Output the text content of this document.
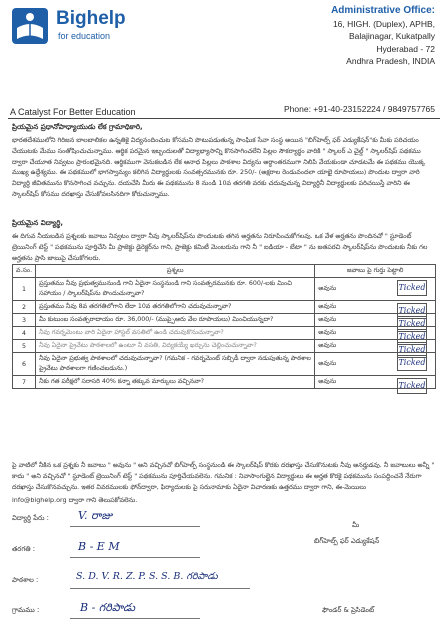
Bighelp
for education
A Catalyst For Better Education
Administrative Office:
16, HIGH. (Duplex), APHB,
Balajinagar, Kukatpally
Hyderabad - 72
Andhra Pradesh, INDIA
Phone: +91-40-23152224 / 9849757765
ప్రియమైన ప్రధానోపాధ్యాయుడు లేక గ్రామాధికారి,
భారతదేశములోని గిరిజన బాలబాలికల ఉన్నతికై విద్యనందించుట కోసమని పొటుపడుతున్న సాంఘిక సేవా సంస్థ అయిన "బిగ్‌హెల్ప్ ఫర్ ఎడ్యుకేషన్"కు మీకు పరిచయం చేయుటకు మేము సంతోషించుచున్నాము. ఆర్థిక పరమైన ఇబ్బందులతో విద్యాభ్యాసాన్ని కొనసాగించలేని పిల్లల సౌకర్యార్థం వారికి " స్కాలర్ ఎ చైల్డ్ " స్కాలర్‌షిప్ పథకము ద్వారా చేయూత నివ్వటం ప్రారంభమైనది. ఆర్థికముగా వెనుకబడిన లేక ఆనాధ పిల్లలు పాఠశాల విద్యను అర్ధాంతరముగా నిలిపి వేయకుండా చూడటమే ఈ పథకము యొక్క ముఖ్య ఉద్దేశ్యము. ఈ పథకములో భాగస్వామ్యం కలిగిన విద్యార్థులకు సంవత్సరమునకు రూ. 250/- (అక్షరాల రెండువందలా యాభై రూపాయలు) పొందుట ద్వారా వారి విద్యార్థి జీవితమును కొనసాగించ వచ్చును. దయచేసి మీరు ఈ పథకమును 8 నుండి 10వ తరగతి వరకు చదువుచున్న విద్యార్థినీ విద్యార్థులకు పరిచయిస్తే వారిని ఈ స్కాలర్‌షిప్ కోసము దరఖాస్తు చేసుకోవలసినదిగా కోరుచున్నాము.
ప్రియమైన విద్యార్థి,
ఈ దిగువ నీయబడిన ప్రశ్నలకు జవాబు నివ్వటం ద్వారా నీవు స్కాలర్‌షిప్‌ను పొందుటకు తగిన అర్హతను నిరూపించుకోగలవు. ఒక వేళ అర్హతను పొందినచో " స్టూడెంట్ ట్రెయినింగ్ టెస్ట్ " పథకమును పూర్తిచేసి మీ ప్రాజెక్టు డైరెక్టర్‌ను గాని, ప్రాజెక్టు కమిటీ మెంబరును గాని నీ " ఐడియా - బేటా " ను జతపరచి స్కాలర్‌షిప్‌ను పొందుటకు నీకు గల అర్హతను ప్రాసి జాబుపై చేసుకోగలరు.
వ.సం.	ప్రశ్నలు	జవాబు పై గుర్తు పెట్టాలి
1	ప్రస్తుతము నీవు ప్రభుత్వమునుండి గాని ఏదైనా సంస్థనుండి గాని సంవత్సరమునకు రూ. 600/-లకు మించి సహాయం / స్కాలర్‌షిప్‌ను పొందుచున్నావా?	అవును Ticked

2	ప్రస్తుతము నీవు 8వ తరగతిలోగాని లేదా 10వ తరగతిలోగాని చదువుచున్నావా?	అవును Ticked

3	మీ కుటుంబ సంవత్సరాదాయం రూ. 36,000/- (ముప్పైఆరు వేల రూపాయలు) మించియున్నదా?	అవును Ticked

4	నీవు గవర్నమెంటు వారి ఏదైనా హాస్టల్‌ వసతిలో ఉండి చదువుకొనుచున్నావా?	అవును Ticked

5	నీవు ఏదైనా ప్రైవేటు పాఠశాలలో ఉంటూ నీ వసతి, విద్యకయ్యే ఖర్చును చెల్లించుచున్నావా?	అవును Ticked

6	నీవు ఏదైనా ప్రభుత్వ పాఠశాలలో చదువుచున్నావా? (గమనిక - గవర్నమెంట్ సబ్సిడీ ద్వారా నడుపుతున్న పాఠశాల ప్రైవేటు పాఠశాలగా గణించబడును.)	అవును Ticked

7	నీకు గత పరీక్షలో సరాసరి 40% కన్నా తక్కువ మార్కులు వచ్చినవా?	అవును Ticked
పై వాటిలో నీకిన ఒక ప్రశ్నకు నీ జవాబు " అవును " అని వచ్చినచో బిగ్‌హెల్ప్ సంస్థనుండి ఈ స్కాలర్‌షిప్ కొరకు దరఖాస్తు చేసుకొనుటకు నీవు అనర్హుడవు. నీ జవాబులు అన్నీ " కాదు " అని వచ్చినచో " స్టూడెంట్ ట్రెయినింగ్ టెస్ట్ " పథకమును పూర్తిచేయవలెను. గమనిక : నివాసాంగుల్లైన విద్యార్థులు ఈ అర్హత కొరకై పథకమును సంపద్దించనే నేరుగా దరఖాస్తు చేసుకొనవచ్చును. ఇతర వివరములకు ఫోన్‌ద్వారా, ఫిర్యాదులకు పై సరునామాకు ఏదైనా విచారణకు ఉత్తరము ద్వారా గాని, ఈ-మెయిలు
info@bighelp.org ద్వారా గాని తెలుపకోవలెను.
విద్యార్థి పేరు :	V. రాజు
తరగతి :	B - E M
పాఠశాల :	S. D. V. R. Z. P. S. S. B. గరిపాడు
గ్రామము :	B - గరిపాడు
మీ
బిగ్‌హెల్ప్ ఫర్ ఎడ్యుకేషన్
ఫౌండర్ & ప్రెసిడెంట్
